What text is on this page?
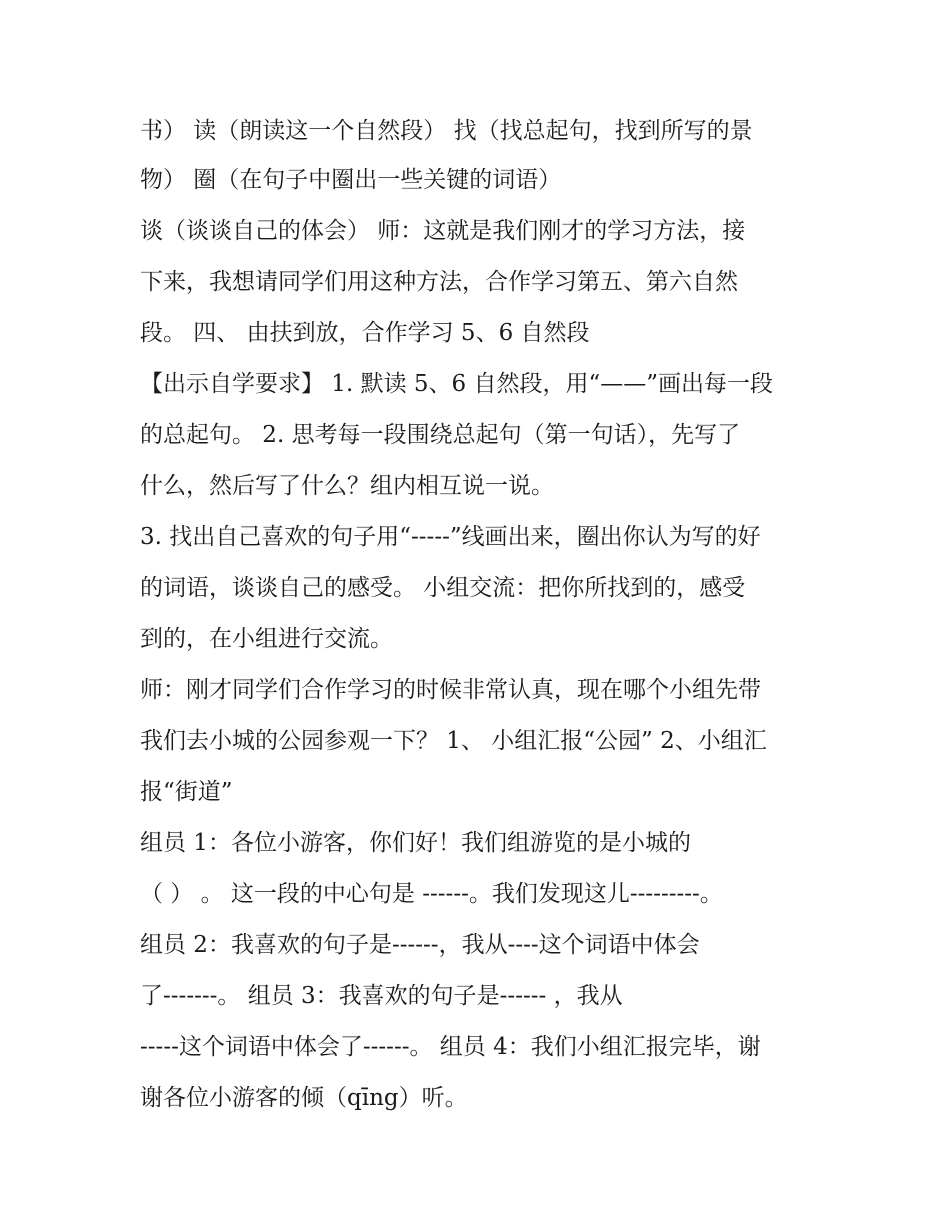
书） 读（朗读这一个自然段） 找（找总起句，找到所写的景
物） 圈（在句子中圈出一些关键的词语）
谈（谈谈自己的体会） 师：这就是我们刚才的学习方法，接
下来，我想请同学们用这种方法，合作学习第五、第六自然
段。 四、 由扶到放，合作学习 5、6 自然段
【出示自学要求】 1. 默读 5、6 自然段，用“——”画出每一段
的总起句。 2. 思考每一段围绕总起句（第一句话），先写了
什么，然后写了什么？组内相互说一说。
3. 找出自己喜欢的句子用“-----”线画出来，圈出你认为写的好
的词语，谈谈自己的感受。 小组交流：把你所找到的，感受
到的，在小组进行交流。
师：刚才同学们合作学习的时候非常认真，现在哪个小组先带
我们去小城的公园参观一下？ 1、 小组汇报“公园” 2、小组汇
报“街道”
组员 1：各位小游客，你们好！我们组游览的是小城的
（ ） 。 这一段的中心句是 ------。我们发现这儿---------。
组员 2：我喜欢的句子是------，我从----这个词语中体会
了-------。 组员 3：我喜欢的句子是------ ，我从
-----这个词语中体会了------。 组员 4：我们小组汇报完毕，谢
谢各位小游客的倾（qīng）听。
